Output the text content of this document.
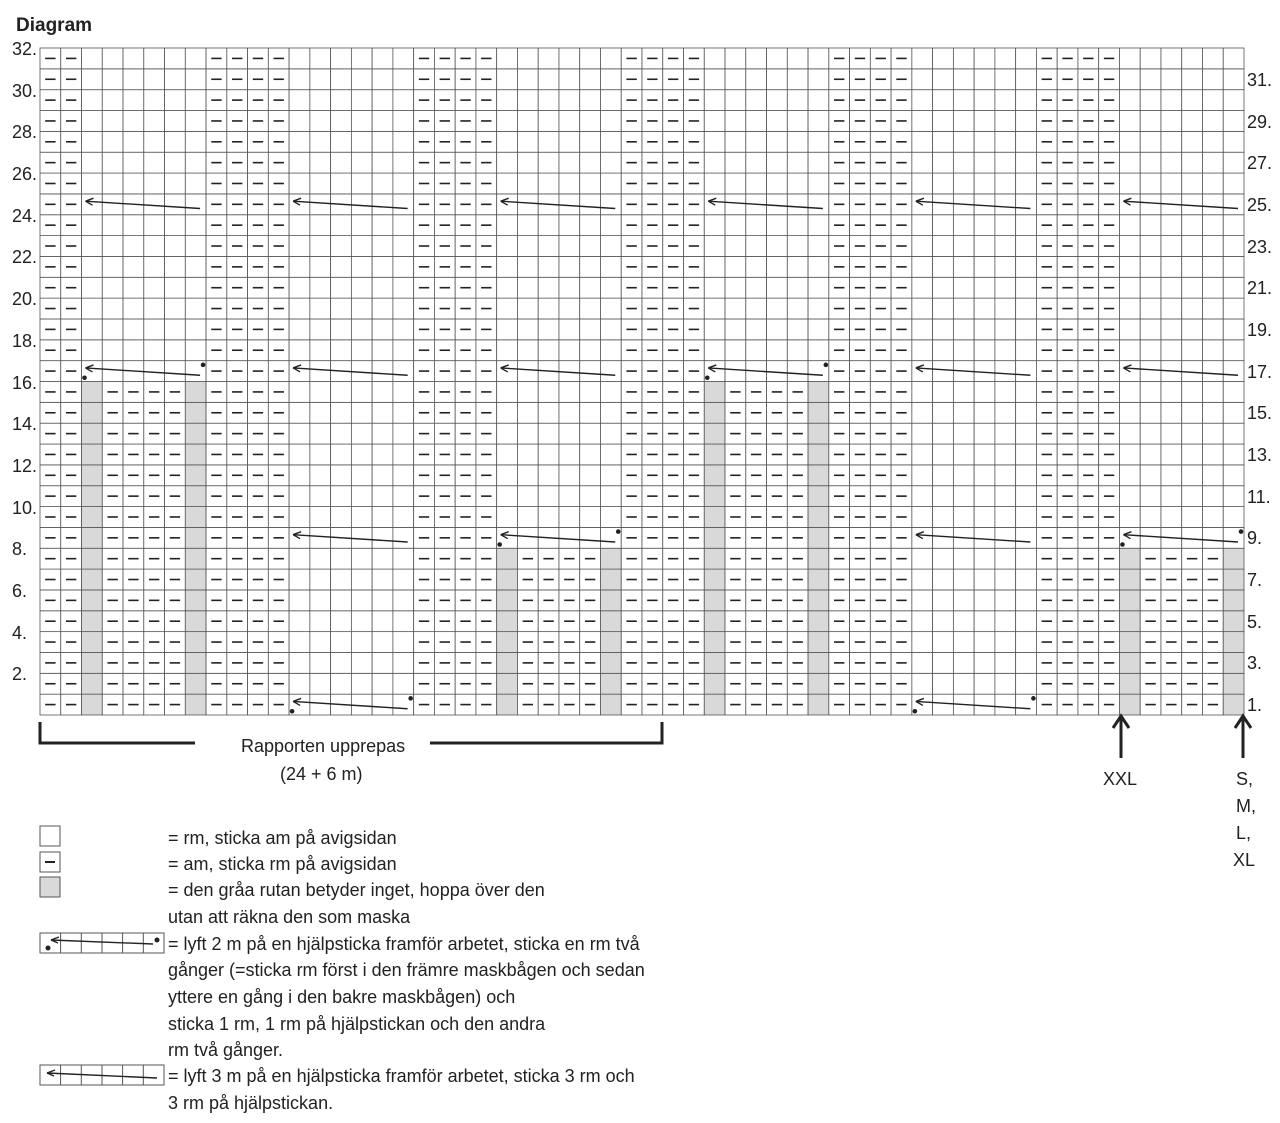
Diagram
Rapporten upprepas
(24 + 6 m)	XXL	S,
M,
L,
XL
= rm, sticka am på avigsidan
= am, sticka rm på avigsidan
= den gråa rutan betyder inget, hoppa över den
utan att räkna den som maska
= lyft 2 m på en hjälpsticka framför arbetet, sticka en rm två
gånger (=sticka rm först i den främre maskbågen och sedan
yttere en gång i den bakre maskbågen) och
sticka 1 rm, 1 rm på hjälpstickan och den andra
rm två gånger.
= lyft 3 m på en hjälpsticka framför arbetet, sticka 3 rm och
3 rm på hjälpstickan.
2.
4.
6.
8.
10.
12.
14.
16.
18.
20.
22.
24.
26.
28.
30.
32.
1.
3.
5.
7.
9.
11.
13.
15.
17.
19.
21.
23.
25.
27.
29.
31.
